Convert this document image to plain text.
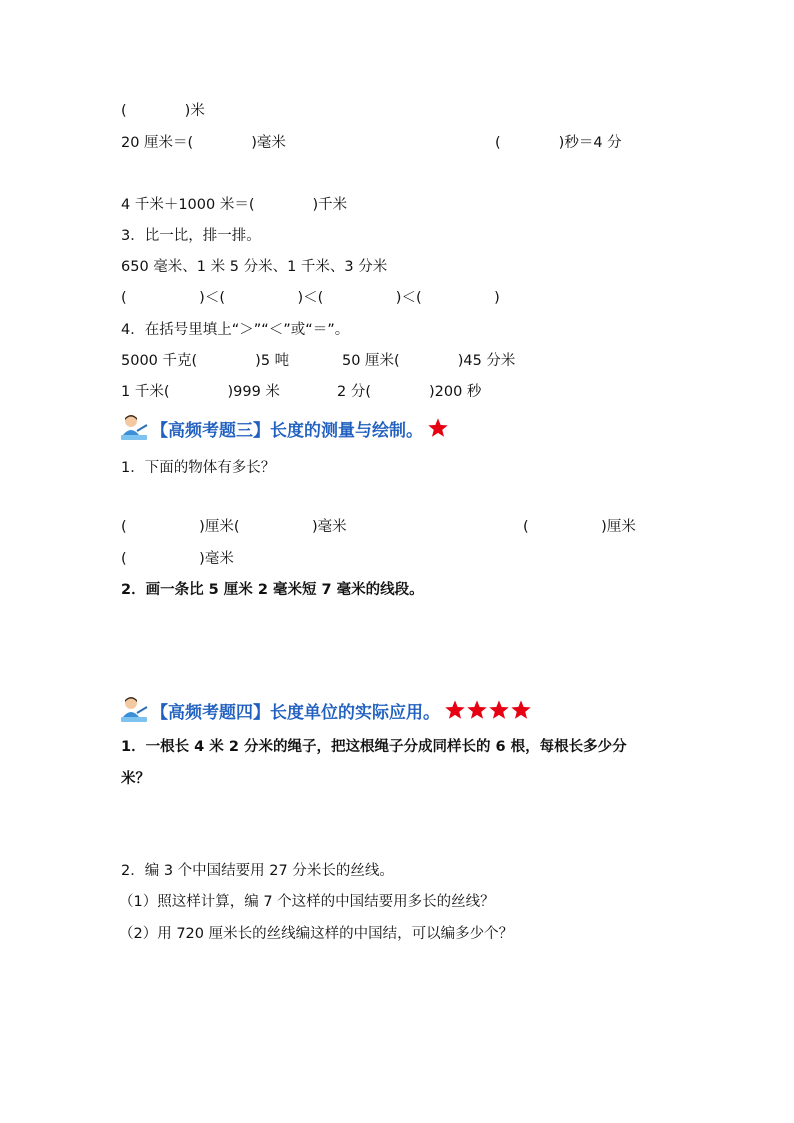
(　　　　)米
20 厘米＝(　　　　)毫米	(　　　　)秒＝4 分
4 千米＋1000 米＝(　　　　)千米
3．比一比，排一排。
650 毫米、1 米 5 分米、1 千米、3 分米
(　　　　　)＜(　　　　　)＜(　　　　　)＜(　　　　　)
4．在括号里填上“＞”“＜”或“＝”。
5000 千克(　　　　)5 吨	50 厘米(　　　　)45 分米
1 千米(　　　　)999 米	2 分(　　　　)200 秒
【高频考题三】 长度的测量与绘制。
1．下面的物体有多长？
(　　　　　)厘米(　　　　　)毫米	(　　　　　)厘米
(　　　　　)毫米
2．画一条比 5 厘米 2 毫米短 7 毫米的线段。
【高频考题四】 长度单位的实际应用。
1．一根长 4 米 2 分米的绳子，把这根绳子分成同样长的 6 根，每根长多少分
米？
2．编 3 个中国结要用 27 分米长的丝线。
（1）照这样计算，编 7 个这样的中国结要用多长的丝线？
（2）用 720 厘米长的丝线编这样的中国结，可以编多少个？
